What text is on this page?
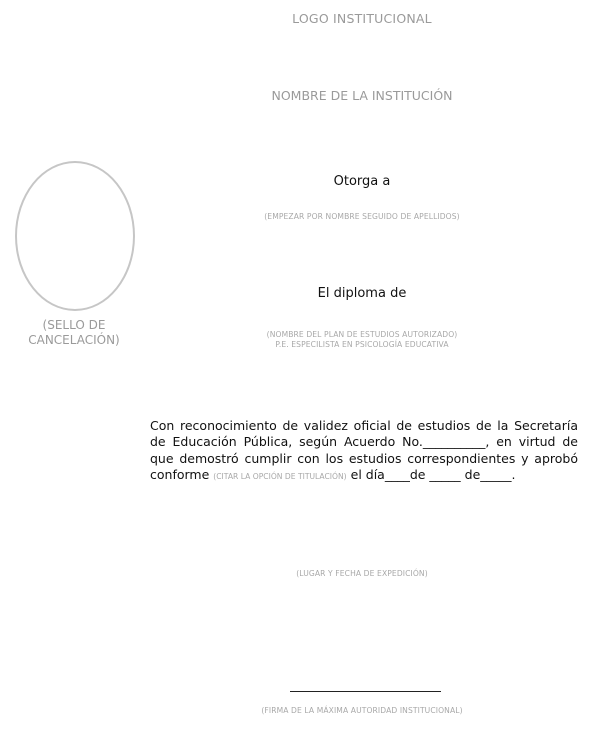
LOGO INSTITUCIONAL
NOMBRE DE LA INSTITUCIÓN
Otorga a
(EMPEZAR POR NOMBRE SEGUIDO DE APELLIDOS)
El diploma de
(NOMBRE DEL PLAN DE ESTUDIOS AUTORIZADO)
P.E. ESPECILISTA EN PSICOLOGÍA EDUCATIVA
(SELLO DE
CANCELACIÓN)
Con reconocimiento de validez oficial de estudios de la Secretaría de Educación Pública, según Acuerdo No.__________, en virtud de que demostró cumplir con los estudios correspondientes y aprobó conforme (CITAR LA OPCIÓN DE TITULACIÓN) el día____de _____ de_____.
(LUGAR Y FECHA DE EXPEDICIÓN)
(FIRMA DE LA MÁXIMA AUTORIDAD INSTITUCIONAL)
